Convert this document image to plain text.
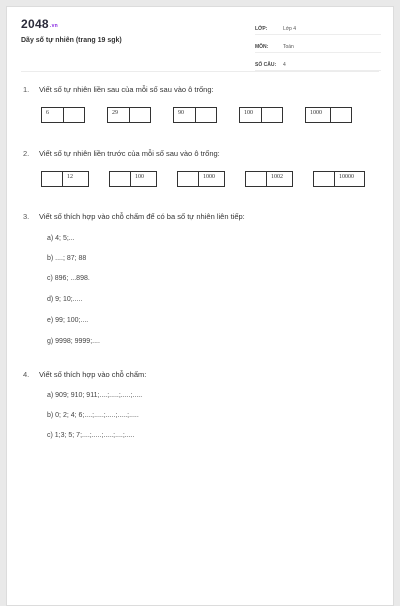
2048.vn
Dãy số tự nhiên (trang 19 sgk)
LỚP:	Lớp 4
MÔN:	Toán
SỐ CÂU:	4
1. Viết số tự nhiên liền sau của mỗi số sau vào ô trống:
6	29	90	100	1000
2. Viết số tự nhiên liền trước của mỗi số sau vào ô trống:
12	100	1000	1002	10000
3. Viết số thích hợp vào chỗ chấm để có ba số tự nhiên liên tiếp:
a) 4; 5;...
b) ....; 87; 88
c) 896; ...898.
d) 9; 10;.....
e) 99; 100;....
g) 9998; 9999;....
4. Viết số thích hợp vào chỗ chấm:
a) 909; 910; 911;....;.....;.....;.....
b) 0; 2; 4; 6;....;.....;.....;.....;.....
c) 1;3; 5; 7;....;.....;.....;....;.....
